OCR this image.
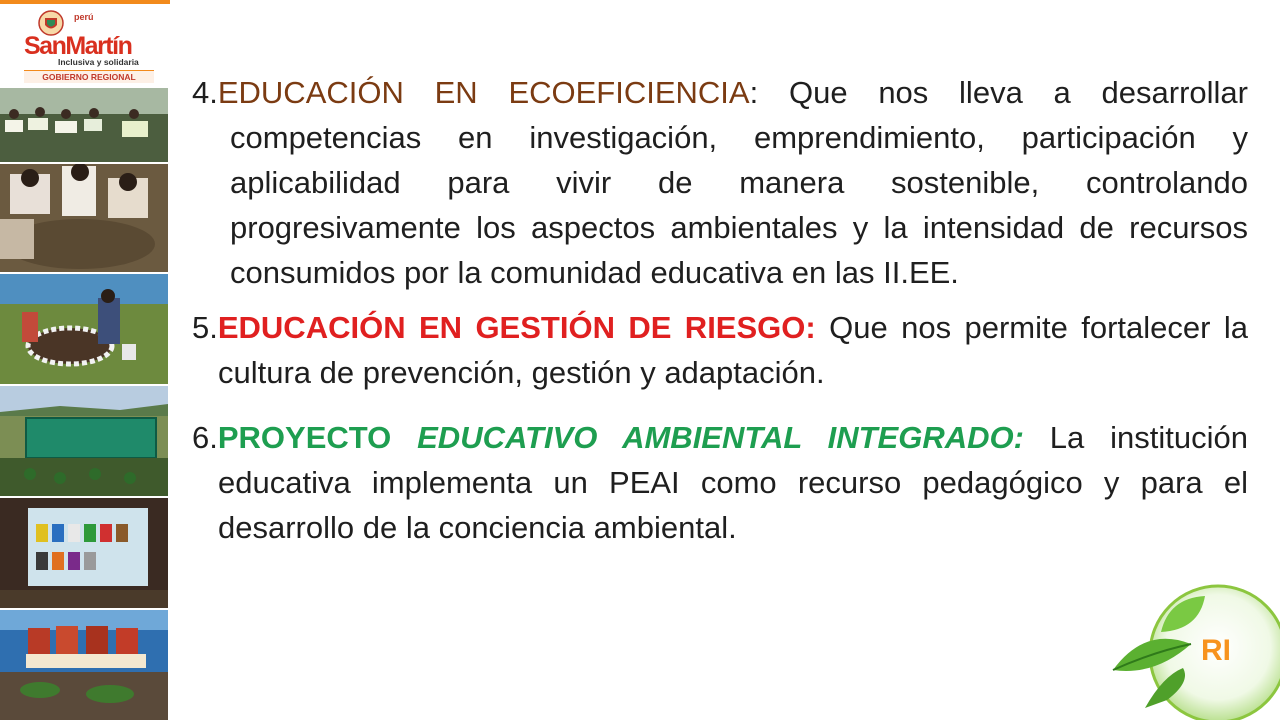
perú
SanMartín
Inclusiva y solidaria
GOBIERNO REGIONAL	4.EDUCACIÓN EN ECOEFICIENCIA: Que nos lleva a desarrollar competencias en investigación, emprendimiento, participación y aplicabilidad para vivir de manera sostenible, controlando progresivamente los aspectos ambientales y la intensidad de recursos consumidos por la comunidad educativa en las II.EE.

5.EDUCACIÓN EN GESTIÓN DE RIESGO: Que nos permite fortalecer la cultura de prevención, gestión y adaptación.

6.PROYECTO EDUCATIVO AMBIENTAL INTEGRADO: La institución educativa implementa un PEAI como recurso pedagógico y para el desarrollo de la conciencia ambiental.

RI
